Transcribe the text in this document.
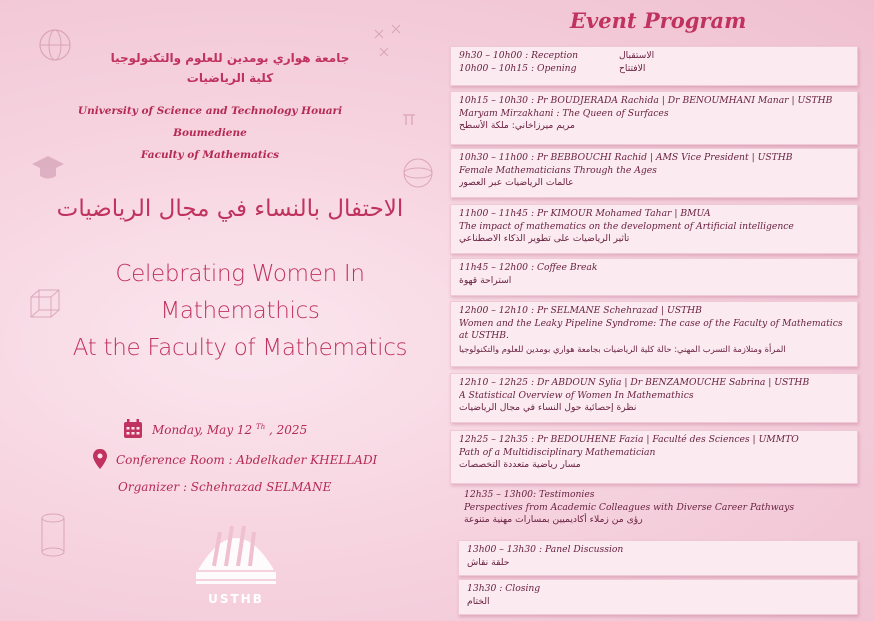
جامعة هواري بومدين للعلوم والتكنولوجيا
كلية الرياضيات
University of Science and Technology Houari Boumediene
Faculty of Mathematics
الاحتفال بالنساء في مجال الرياضيات
Celebrating Women In
Mathemathics
At the Faculty of Mathematics
Monday, May 12 $^{Th}$ , 2025
Conference Room : Abdelkader KHELLADI
Organizer : Schehrazad SELMANE
USTHB
Event Program
9h30 – 10h00 : Reception	الاستقبال
10h00 – 10h15 : Opening	الافتتاح
10h15 – 10h30 : Pr BOUDJERADA Rachida | Dr BENOUMHANI Manar | USTHB
Maryam Mirzakhani : The Queen of Surfaces
مريم ميرزاخاني: ملكة الأسطح
10h30 – 11h00 : Pr BEBBOUCHI Rachid | AMS Vice President | USTHB
Female Mathematicians Through the Ages
عالمات الرياضيات عبر العصور
11h00 – 11h45 : Pr KIMOUR Mohamed Tahar | BMUA
The impact of mathematics on the development of Artificial intelligence
تأثير الرياضيات على تطوير الذكاء الاصطناعي
11h45 – 12h00 : Coffee Break
استراحة قهوة
12h00 – 12h10 : Pr SELMANE Schehrazad | USTHB
Women and the Leaky Pipeline Syndrome: The case of the Faculty of Mathematics at USTHB.
المرأة ومتلازمة التسرب المهني: حالة كلية الرياضيات بجامعة هواري بومدين للعلوم والتكنولوجيا
12h10 – 12h25 : Dr ABDOUN Sylia | Dr BENZAMOUCHE Sabrina | USTHB
A Statistical Overview of Women In Mathemathics
نظرة إحصائية حول النساء في مجال الرياضيات
12h25 – 12h35 : Pr BEDOUHENE Fazia | Faculté des Sciences | UMMTO
Path of a Multidisciplinary Mathematician
مسار رياضية متعددة التخصصات
12h35 – 13h00: Testimonies
Perspectives from Academic Colleagues with Diverse Career Pathways
رؤى من زملاء أكاديميين بمسارات مهنية متنوعة
13h00 – 13h30 : Panel Discussion
حلقة نقاش
13h30 : Closing
الختام
